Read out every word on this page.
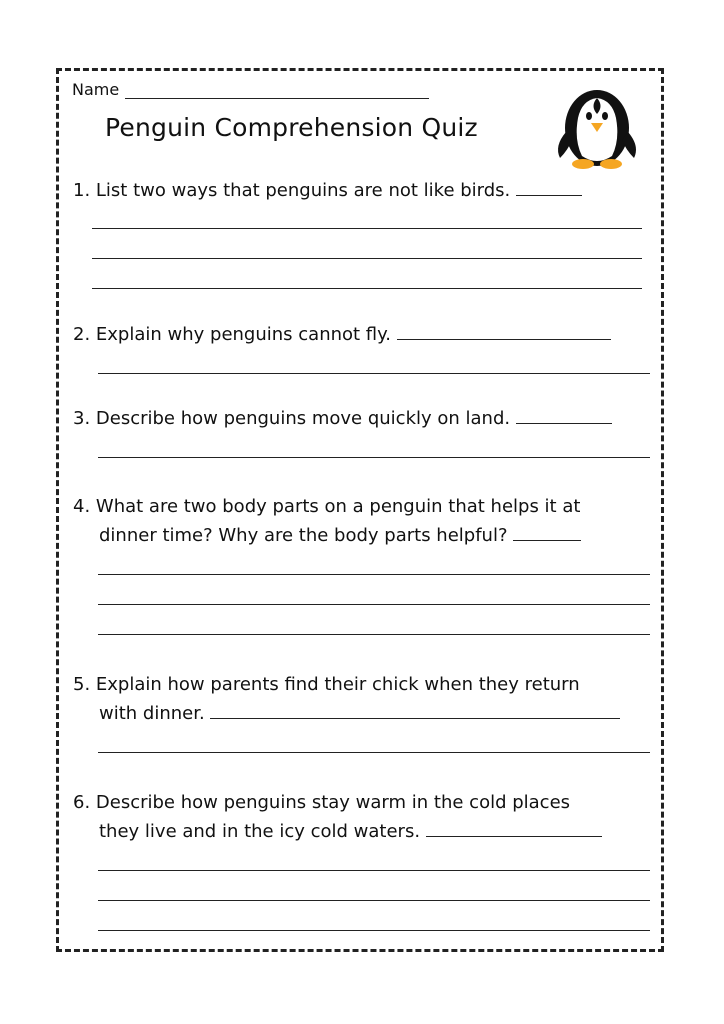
Name
Penguin Comprehension Quiz
1. List two ways that penguins are not like birds.
2. Explain why penguins cannot fly.
3. Describe how penguins move quickly on land.
4. What are two body parts on a penguin that helps it at
dinner time? Why are the body parts helpful?
5. Explain how parents find their chick when they return
with dinner.
6. Describe how penguins stay warm in the cold places
they live and in the icy cold waters.
